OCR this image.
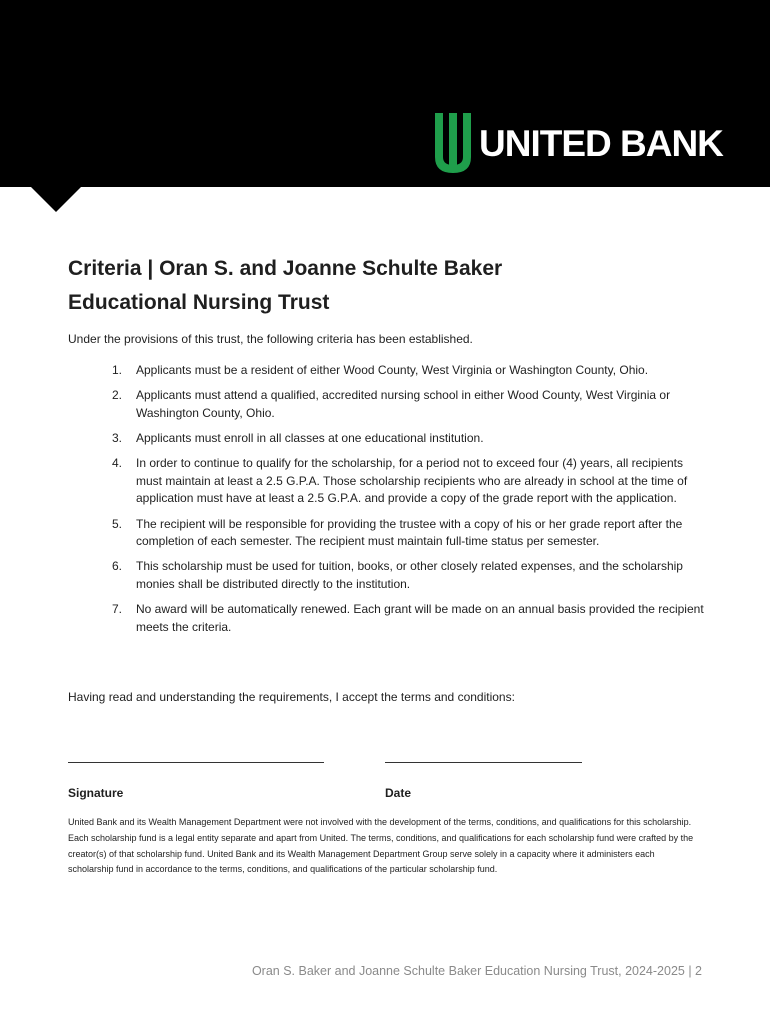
UNITED BANK
Criteria | Oran S. and Joanne Schulte Baker
Educational Nursing Trust

Under the provisions of this trust, the following criteria has been established.

1. Applicants must be a resident of either Wood County, West Virginia or Washington County, Ohio.
2. Applicants must attend a qualified, accredited nursing school in either Wood County, West Virginia or Washington County, Ohio.
3. Applicants must enroll in all classes at one educational institution.
4. In order to continue to qualify for the scholarship, for a period not to exceed four (4) years, all recipients must maintain at least a 2.5 G.P.A. Those scholarship recipients who are already in school at the time of application must have at least a 2.5 G.P.A. and provide a copy of the grade report with the application.
5. The recipient will be responsible for providing the trustee with a copy of his or her grade report after the completion of each semester. The recipient must maintain full-time status per semester.
6. This scholarship must be used for tuition, books, or other closely related expenses, and the scholarship monies shall be distributed directly to the institution.
7. No award will be automatically renewed. Each grant will be made on an annual basis provided the recipient meets the criteria.

Having read and understanding the requirements, I accept the terms and conditions:

Signature	Date

United Bank and its Wealth Management Department were not involved with the development of the terms, conditions, and qualifications for this scholarship. Each scholarship fund is a legal entity separate and apart from United. The terms, conditions, and qualifications for each scholarship fund were crafted by the creator(s) of that scholarship fund. United Bank and its Wealth Management Department Group serve solely in a capacity where it administers each scholarship fund in accordance to the terms, conditions, and qualifications of the particular scholarship fund.

Oran S. Baker and Joanne Schulte Baker Education Nursing Trust, 2024-2025 | 2
